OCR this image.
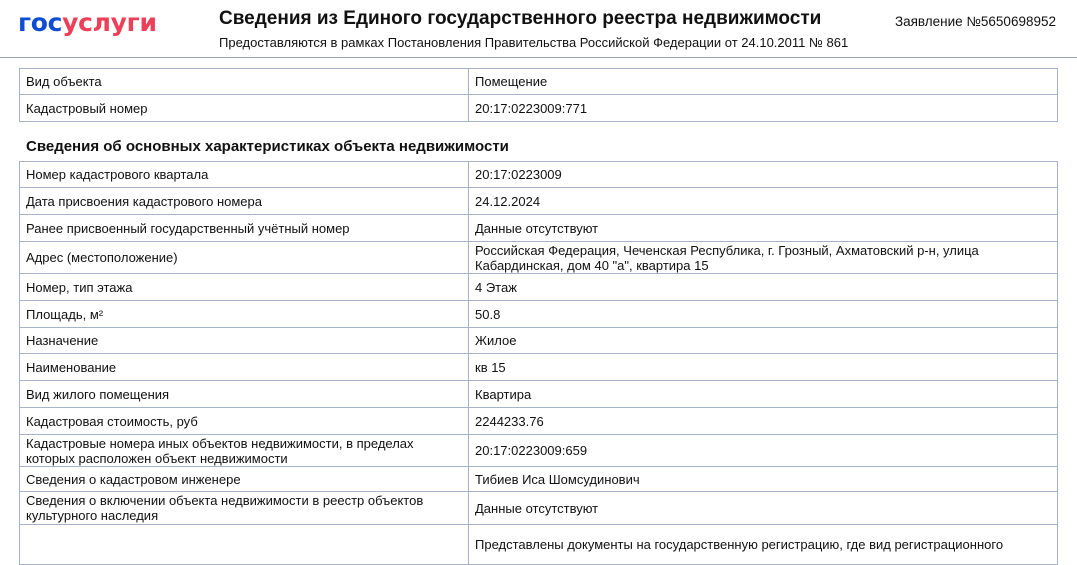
госуслуги	Сведения из Единого государственного реестра недвижимости
Предоставляются в рамках Постановления Правительства Российской Федерации от 24.10.2011 № 861
Заявление №5650698952
Вид объекта	Помещение
Кадастровый номер	20:17:0223009:771
Сведения об основных характеристиках объекта недвижимости
Номер кадастрового квартала	20:17:0223009
Дата присвоения кадастрового номера	24.12.2024
Ранее присвоенный государственный учётный номер	Данные отсутствуют
Адрес (местоположение)	Российская Федерация, Чеченская Республика, г. Грозный, Ахматовский р-н, улица Кабардинская, дом 40 "а", квартира 15
Номер, тип этажа	4 Этаж
Площадь, м²	50.8
Назначение	Жилое
Наименование	кв 15
Вид жилого помещения	Квартира
Кадастровая стоимость, руб	2244233.76
Кадастровые номера иных объектов недвижимости, в пределах которых расположен объект недвижимости	20:17:0223009:659
Сведения о кадастровом инженере	Тибиев Иса Шомсудинович
Сведения о включении объекта недвижимости в реестр объектов культурного наследия	Данные отсутствуют
	Представлены документы на государственную регистрацию, где вид регистрационного
